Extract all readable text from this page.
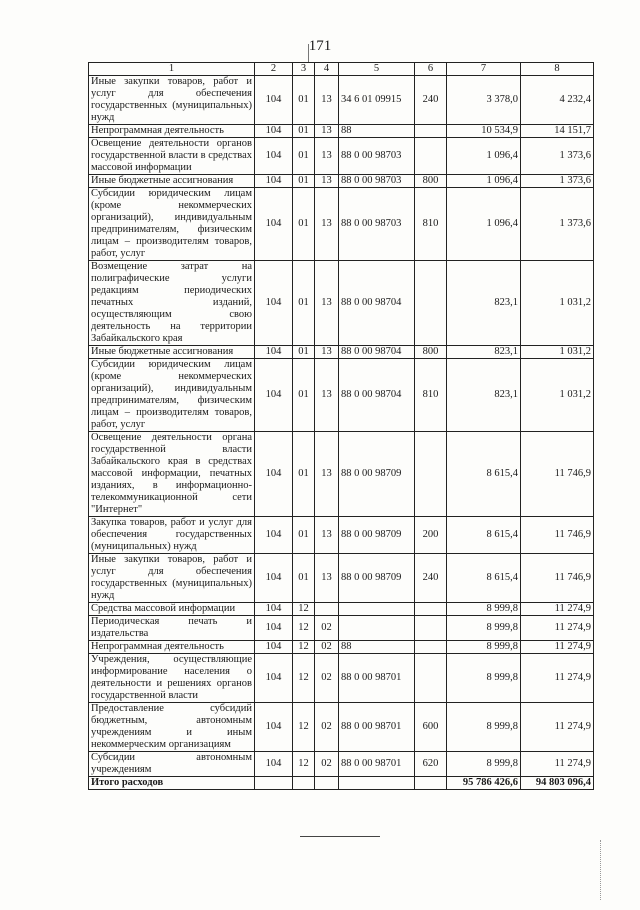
171
1	2	3	4	5	6	7	8
Иные закупки товаров, работ и услуг для обеспечения государственных (муниципальных) нужд	104	01	13	34 6 01 09915	240	3 378,0	4 232,4
Непрограммная деятельность	104	01	13	88		10 534,9	14 151,7
Освещение деятельности органов государственной власти в средствах массовой информации	104	01	13	88 0 00 98703		1 096,4	1 373,6
Иные бюджетные ассигнования	104	01	13	88 0 00 98703	800	1 096,4	1 373,6
Субсидии юридическим лицам (кроме некоммерческих организаций), индивидуальным предпринимателям, физическим лицам – производителям товаров, работ, услуг	104	01	13	88 0 00 98703	810	1 096,4	1 373,6
Возмещение затрат на полиграфические услуги редакциям периодических печатных изданий, осуществляющим свою деятельность на территории Забайкальского края	104	01	13	88 0 00 98704		823,1	1 031,2
Иные бюджетные ассигнования	104	01	13	88 0 00 98704	800	823,1	1 031,2
Субсидии юридическим лицам (кроме некоммерческих организаций), индивидуальным предпринимателям, физическим лицам – производителям товаров, работ, услуг	104	01	13	88 0 00 98704	810	823,1	1 031,2
Освещение деятельности органа государственной власти Забайкальского края в средствах массовой информации, печатных изданиях, в информационно-телекоммуникационной сети "Интернет"	104	01	13	88 0 00 98709		8 615,4	11 746,9
Закупка товаров, работ и услуг для обеспечения государственных (муниципальных) нужд	104	01	13	88 0 00 98709	200	8 615,4	11 746,9
Иные закупки товаров, работ и услуг для обеспечения государственных (муниципальных) нужд	104	01	13	88 0 00 98709	240	8 615,4	11 746,9
Средства массовой информации	104	12				8 999,8	11 274,9
Периодическая печать и издательства	104	12	02			8 999,8	11 274,9
Непрограммная деятельность	104	12	02	88		8 999,8	11 274,9
Учреждения, осуществляющие информирование населения о деятельности и решениях органов государственной власти	104	12	02	88 0 00 98701		8 999,8	11 274,9
Предоставление субсидий бюджетным, автономным учреждениям и иным некоммерческим организациям	104	12	02	88 0 00 98701	600	8 999,8	11 274,9
Субсидии автономным учреждениям	104	12	02	88 0 00 98701	620	8 999,8	11 274,9
Итого расходов						95 786 426,6	94 803 096,4
